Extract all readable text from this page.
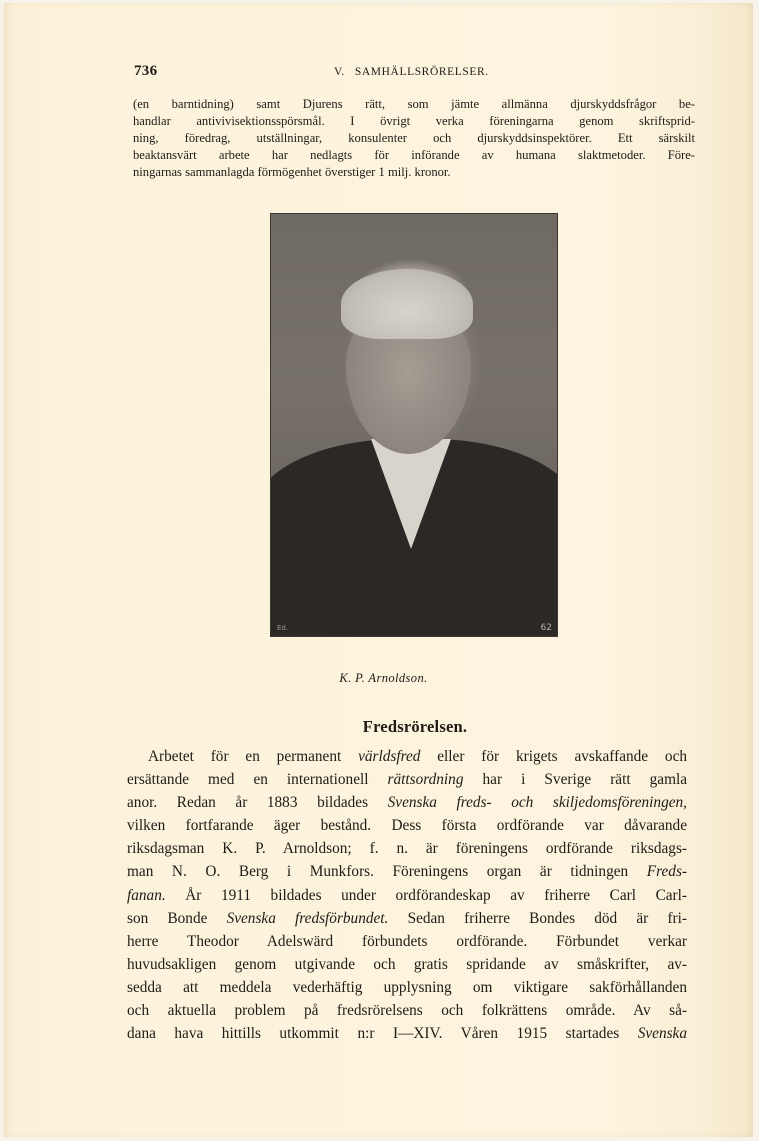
736	V. SAMHÄLLSRÖRELSER.
(en barntidning) samt Djurens rätt, som jämte allmänna djurskyddsfrågor be-
handlar antivivisektionsspörsmål. I övrigt verka föreningarna genom skriftsprid-
ning, föredrag, utställningar, konsulenter och djurskyddsinspektörer. Ett särskilt
beaktansvärt arbete har nedlagts för införande av humana slaktmetoder. Före-
ningarnas sammanlagda förmögenhet överstiger 1 milj. kronor.
Ed.	62
K. P. Arnoldson.
Fredsrörelsen.
Arbetet för en permanent världsfred eller för krigets avskaffande och
ersättande med en internationell rättsordning har i Sverige rätt gamla
anor. Redan år 1883 bildades Svenska freds- och skiljedomsföreningen,
vilken fortfarande äger bestånd. Dess första ordförande var dåvarande
riksdagsman K. P. Arnoldson; f. n. är föreningens ordförande riksdags-
man N. O. Berg i Munkfors. Föreningens organ är tidningen Freds-
fanan. År 1911 bildades under ordförandeskap av friherre Carl Carl-
son Bonde Svenska fredsförbundet. Sedan friherre Bondes död är fri-
herre Theodor Adelswärd förbundets ordförande. Förbundet verkar
huvudsakligen genom utgivande och gratis spridande av småskrifter, av-
sedda att meddela vederhäftig upplysning om viktigare sakförhållanden
och aktuella problem på fredsrörelsens och folkrättens område. Av så-
dana hava hittills utkommit n:r I—XIV. Våren 1915 startades Svenska
